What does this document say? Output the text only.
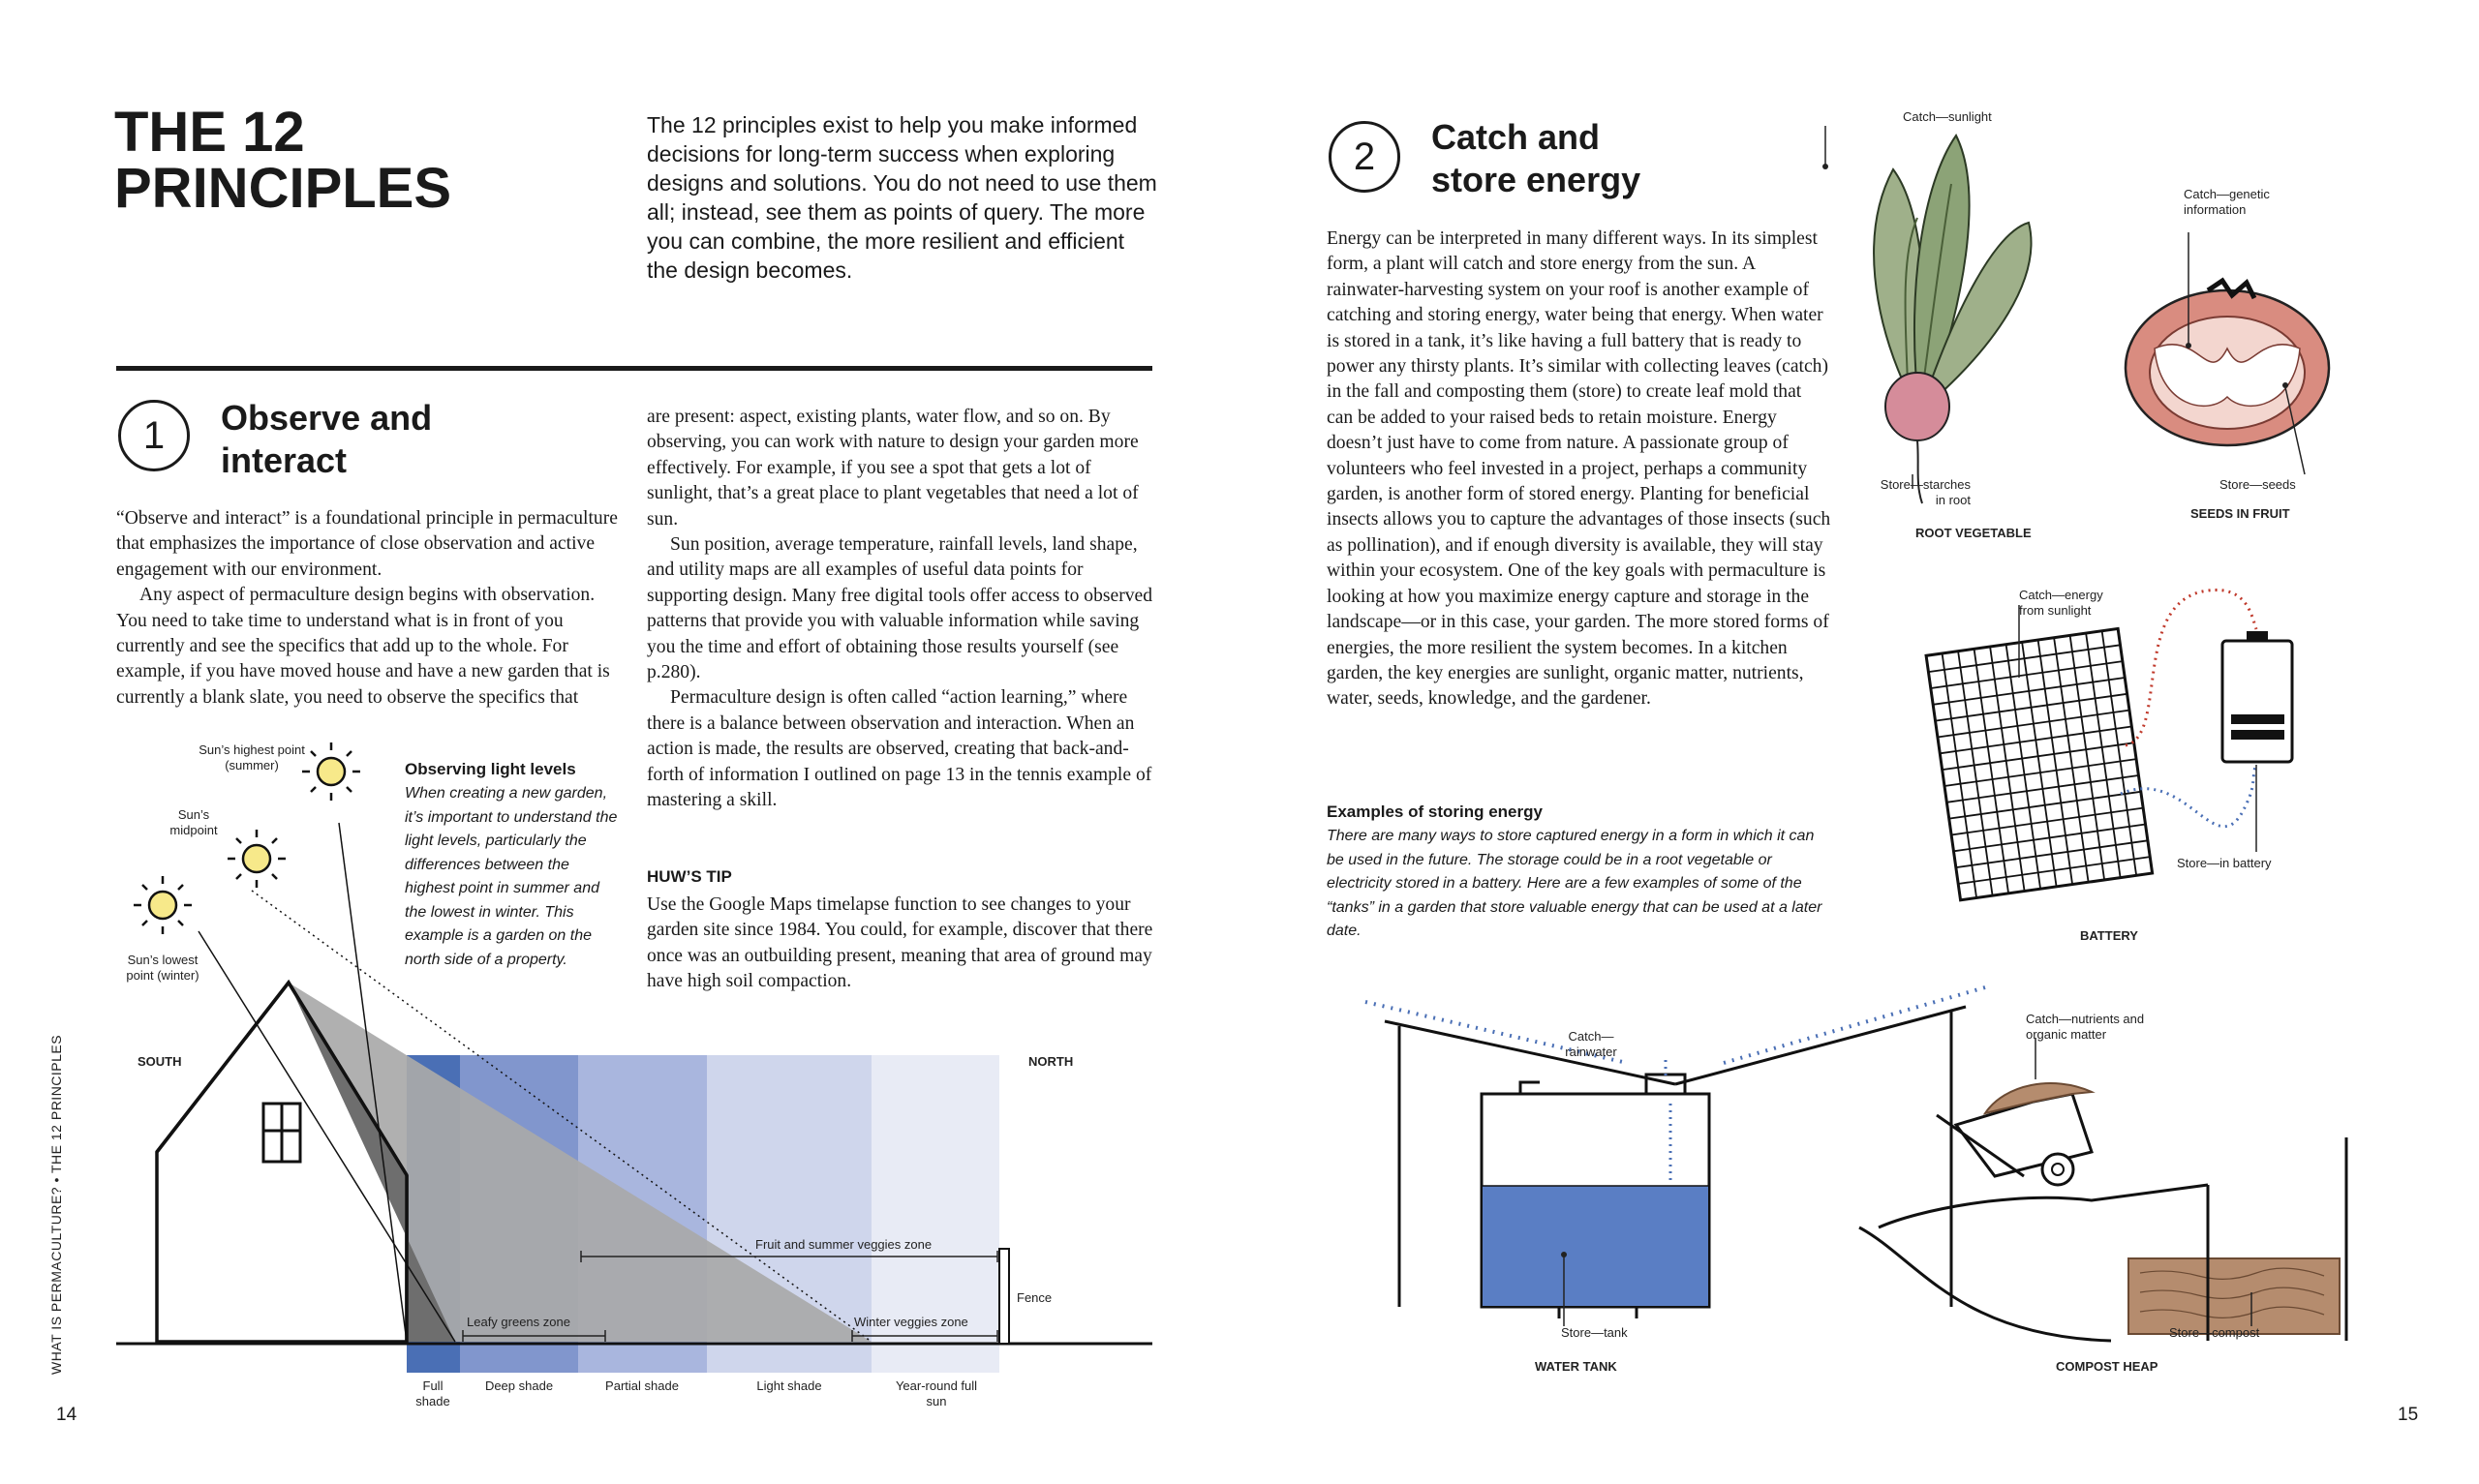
THE 12 PRINCIPLES
The 12 principles exist to help you make informed decisions for long-term success when exploring designs and solutions. You do not need to use them all; instead, see them as points of query. The more you can combine, the more resilient and efficient the design becomes.
1	Observe and interact

“Observe and interact” is a foundational principle in permaculture that emphasizes the importance of close observation and active engagement with our environment.

Any aspect of permaculture design begins with observation. You need to take time to understand what is in front of you currently and see the specifics that add up to the whole. For example, if you have moved house and have a new garden that is currently a blank slate, you need to observe the specifics that

are present: aspect, existing plants, water flow, and so on. By observing, you can work with nature to design your garden more effectively. For example, if you see a spot that gets a lot of sunlight, that’s a great place to plant vegetables that need a lot of sun.

Sun position, average temperature, rainfall levels, land shape, and utility maps are all examples of useful data points for supporting design. Many free digital tools offer access to observed patterns that provide you with valuable information while saving you the time and effort of obtaining those results yourself (see p.280).

Permaculture design is often called “action learning,” where there is a balance between observation and interaction. When an action is made, the results are observed, creating that back-and-forth of information I outlined on page 13 in the tennis example of mastering a skill.

HUW’S TIP
Use the Google Maps timelapse function to see changes to your garden site since 1984. You could, for example, discover that there once was an outbuilding present, meaning that area of ground may have high soil compaction.
Observing light levels
When creating a new garden, it’s important to understand the light levels, particularly the differences between the highest point in summer and the lowest in winter. This example is a garden on the north side of a property.
Sun’s highest point (summer)
Sun’s midpoint
Sun’s lowest point (winter)
SOUTH	NORTH
Fence
Fruit and summer veggies zone
Leafy greens zone	Winter veggies zone
Full shade
Deep shade	Partial shade	Light shade	Year-round full sun
WHAT IS PERMACULTURE? • THE 12 PRINCIPLES
14
2	Catch and store energy
Energy can be interpreted in many different ways. In its simplest form, a plant will catch and store energy from the sun. A rainwater-harvesting system on your roof is another example of catching and storing energy, water being that energy. When water is stored in a tank, it’s like having a full battery that is ready to power any thirsty plants. It’s similar with collecting leaves (catch) in the fall and composting them (store) to create leaf mold that can be added to your raised beds to retain moisture. Energy doesn’t just have to come from nature. A passionate group of volunteers who feel invested in a project, perhaps a community garden, is another form of stored energy. Planting for beneficial insects allows you to capture the advantages of those insects (such as pollination), and if enough diversity is available, they will stay within your ecosystem. One of the key goals with permaculture is looking at how you maximize energy capture and storage in the landscape—or in this case, your garden. The more stored forms of energies, the more resilient the system becomes. In a kitchen garden, the key energies are sunlight, organic matter, nutrients, water, seeds, knowledge, and the gardener.
Examples of storing energy
There are many ways to store captured energy in a form in which it can be used in the future. The storage could be in a root vegetable or electricity stored in a battery. Here are a few examples of some of the “tanks” in a garden that store valuable energy that can be used at a later date.
Catch—sunlight
Store—starches in root
ROOT VEGETABLE
Catch—genetic information
Store—seeds
SEEDS IN FRUIT
Catch—energy from sunlight
Store—in battery
BATTERY
Catch—rainwater
Store—tank
WATER TANK
Catch—nutrients and organic matter
Store—compost
COMPOST HEAP
15
